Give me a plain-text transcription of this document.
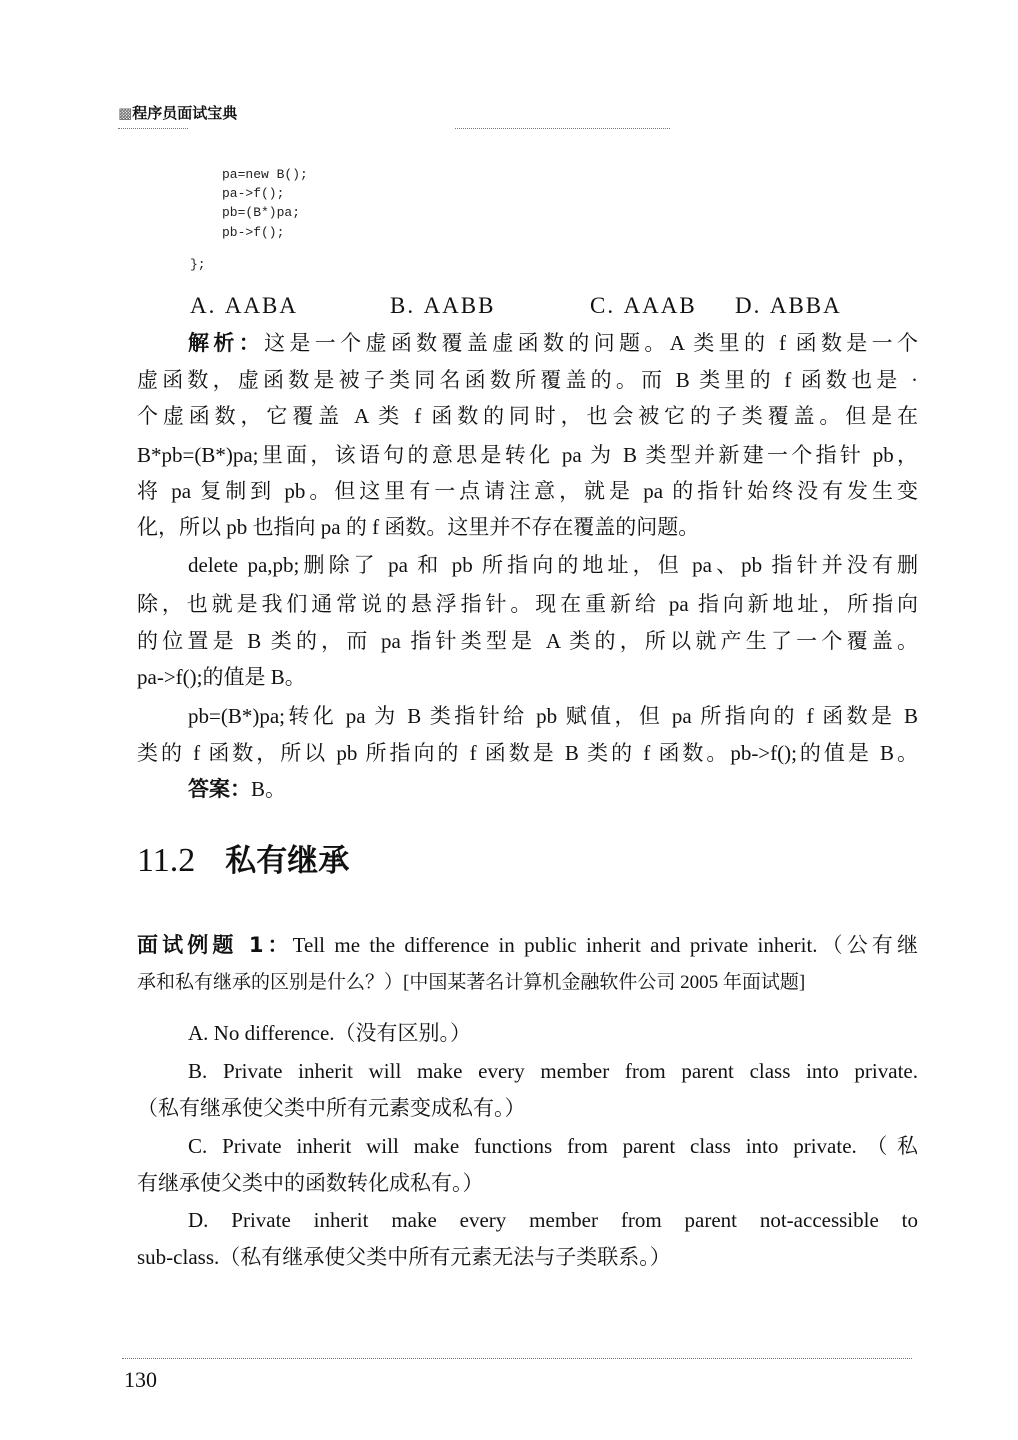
▩程序员面试宝典
pa=new B();
pa->f();
pb=(B*)pa;
pb->f();
};
A. AABA	B. AABB	C. AAAB D. ABBA
解析：这是一个虚函数覆盖虚函数的问题。A 类里的 f 函数是一个
虚函数，虚函数是被子类同名函数所覆盖的。而 B 类里的 f 函数也是 ·
个虚函数，它覆盖 A 类 f 函数的同时，也会被它的子类覆盖。但是在
B*pb=(B*)pa;里面，该语句的意思是转化 pa 为 B 类型并新建一个指针 pb，
将 pa 复制到 pb。但这里有一点请注意，就是 pa 的指针始终没有发生变
化，所以 pb 也指向 pa 的 f 函数。这里并不存在覆盖的问题。
delete pa,pb;删除了 pa 和 pb 所指向的地址，但 pa、pb 指针并没有删
除，也就是我们通常说的悬浮指针。现在重新给 pa 指向新地址，所指向
的位置是 B 类的，而 pa 指针类型是 A 类的，所以就产生了一个覆盖。
pa->f();的值是 B。
pb=(B*)pa;转化 pa 为 B 类指针给 pb 赋值，但 pa 所指向的 f 函数是 B
类的 f 函数，所以 pb 所指向的 f 函数是 B 类的 f 函数。pb->f();的值是 B。
答案：B。
11.2 私有继承
面试例题 1：Tell me the difference in public inherit and private inherit.（公有继
承和私有继承的区别是什么？）[中国某著名计算机金融软件公司 2005 年面试题]
A. No difference.（没有区别。）
B. Private inherit will make every member from parent class into private.
（私有继承使父类中所有元素变成私有。）
C. Private inherit will make functions from parent class into private.（私
有继承使父类中的函数转化成私有。）
D. Private inherit make every member from parent not-accessible to
sub-class.（私有继承使父类中所有元素无法与子类联系。）
130
